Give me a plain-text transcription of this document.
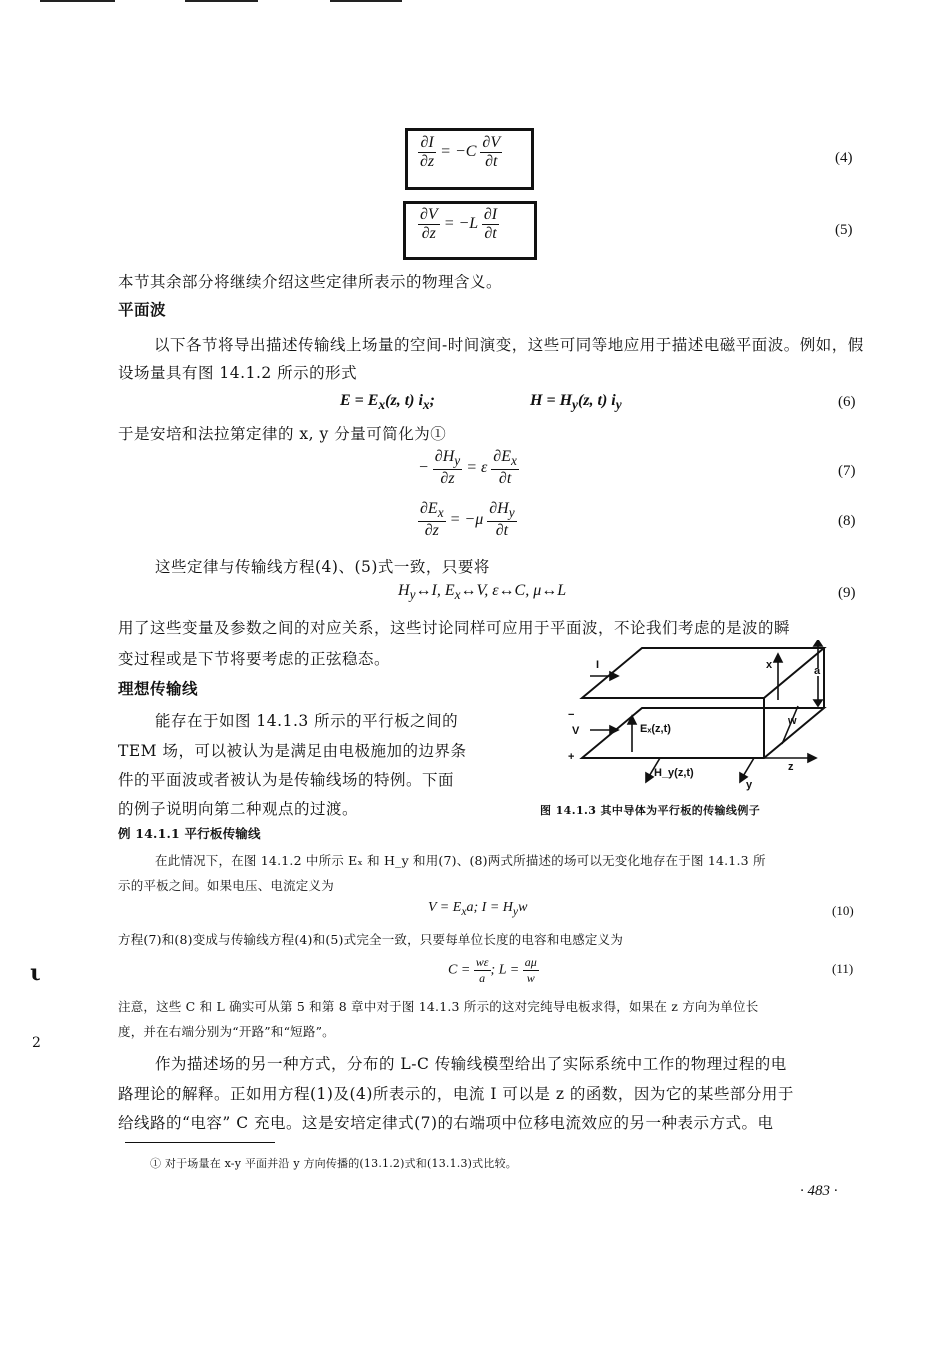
$\frac{\partial I}{\partial z} = -C \frac{\partial V}{\partial t}$	(4)
$\frac{\partial V}{\partial z} = -L \frac{\partial I}{\partial t}$	(5)
本节其余部分将继续介绍这些定律所表示的物理含义。
平面波
以下各节将导出描述传输线上场量的空间-时间演变，这些可同等地应用于描述电磁平面波。例如，假设场量具有图 14.1.2 所示的形式
$E = E_x(z$, t) $i_x$;	$H = H_y(z$, t) $i_y$	(6)
于是安培和法拉第定律的 x, y 分量可简化为①
− $\frac{\partial H_y}{\partial z} = \varepsilon \frac{\partial E_x}{\partial t}$	(7)
$\frac{\partial E_x}{\partial z} = -\mu \frac{\partial H_y}{\partial t}$	(8)
这些定律与传输线方程(4)、(5)式一致，只要将
$H_y\leftrightarrow I$, $E_x\leftrightarrow V$, ε↔C, μ↔L	(9)
用了这些变量及参数之间的对应关系，这些讨论同样可应用于平面波，不论我们考虑的是波的瞬
变过程或是下节将要考虑的正弦稳态。
理想传输线
能存在于如图 14.1.3 所示的平行板之间的
TEM 场，可以被认为是满足由电极施加的边界条
件的平面波或者被认为是传输线场的特例。下面
的例子说明向第二种观点的过渡。
I	x	a
−
V	Eₓ(z,t)
w
+
z
H_y(z,t)
y
图 14.1.3 其中导体为平行板的传输线例子
例 14.1.1 平行板传输线
在此情况下，在图 14.1.2 中所示 Eₓ 和 H_y 和用(7)、(8)两式所描述的场可以无变化地存在于图 14.1.3 所
示的平板之间。如果电压、电流定义为
$V = E_xa$; $I = H_yw$	(10)
方程(7)和(8)变成与传输线方程(4)和(5)式完全一致，只要每单位长度的电容和电感定义为
$C = \frac{w\varepsilon}{a}$ ; $L = \frac{a\mu}{w}$	(11)
注意，这些 C 和 L 确实可从第 5 和第 8 章中对于图 14.1.3 所示的这对完纯导电板求得，如果在 z 方向为单位长
度，并在右端分别为“开路”和“短路”。
作为描述场的另一种方式，分布的 L-C 传输线模型给出了实际系统中工作的物理过程的电
路理论的解释。正如用方程(1)及(4)所表示的，电流 I 可以是 z 的函数，因为它的某些部分用于
给线路的“电容” C 充电。这是安培定律式(7)的右端项中位移电流效应的另一种表示方式。电
① 对于场量在 x-y 平面并沿 y 方向传播的(13.1.2)式和(13.1.3)式比较。
· 483 ·
ι
2
